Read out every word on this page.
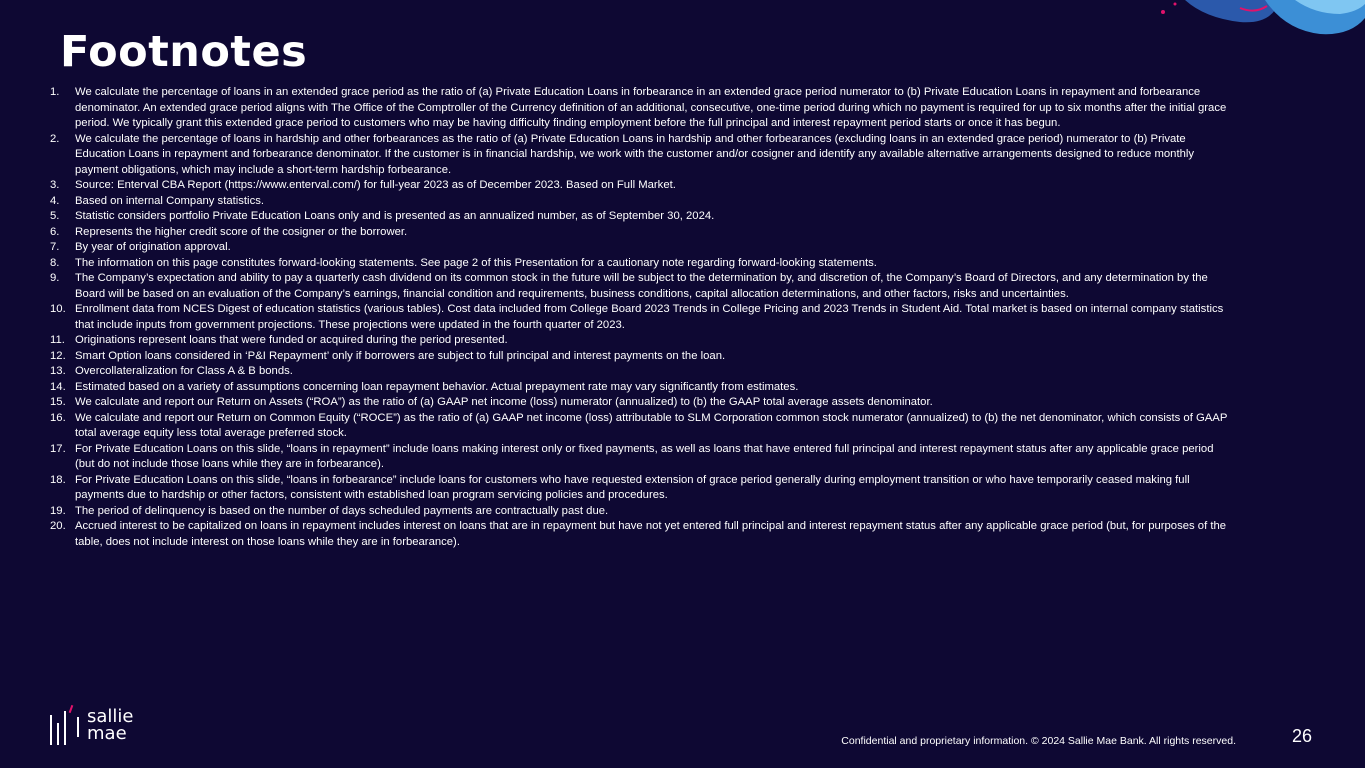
Footnotes
1.	We calculate the percentage of loans in an extended grace period as the ratio of (a) Private Education Loans in forbearance in an extended grace period numerator to (b) Private Education Loans in repayment and forbearance denominator. An extended grace period aligns with The Office of the Comptroller of the Currency definition of an additional, consecutive, one-time period during which no payment is required for up to six months after the initial grace period. We typically grant this extended grace period to customers who may be having difficulty finding employment before the full principal and interest repayment period starts or once it has begun.
2.	We calculate the percentage of loans in hardship and other forbearances as the ratio of (a) Private Education Loans in hardship and other forbearances (excluding loans in an extended grace period) numerator to (b) Private Education Loans in repayment and forbearance denominator. If the customer is in financial hardship, we work with the customer and/or cosigner and identify any available alternative arrangements designed to reduce monthly payment obligations, which may include a short-term hardship forbearance.
3.	Source: Enterval CBA Report (https://www.enterval.com/) for full-year 2023 as of December 2023. Based on Full Market.
4.	Based on internal Company statistics.
5.	Statistic considers portfolio Private Education Loans only and is presented as an annualized number, as of September 30, 2024.
6.	Represents the higher credit score of the cosigner or the borrower.
7.	By year of origination approval.
8.	The information on this page constitutes forward-looking statements. See page 2 of this Presentation for a cautionary note regarding forward-looking statements.
9.	The Company’s expectation and ability to pay a quarterly cash dividend on its common stock in the future will be subject to the determination by, and discretion of, the Company’s Board of Directors, and any determination by the Board will be based on an evaluation of the Company’s earnings, financial condition and requirements, business conditions, capital allocation determinations, and other factors, risks and uncertainties.
10. Enrollment data from NCES Digest of education statistics (various tables). Cost data included from College Board 2023 Trends in College Pricing and 2023 Trends in Student Aid. Total market is based on internal company statistics that include inputs from government projections. These projections were updated in the fourth quarter of 2023.
11. Originations represent loans that were funded or acquired during the period presented.
12. Smart Option loans considered in ‘P&I Repayment’ only if borrowers are subject to full principal and interest payments on the loan.
13. Overcollateralization for Class A & B bonds.
14. Estimated based on a variety of assumptions concerning loan repayment behavior. Actual prepayment rate may vary significantly from estimates.
15. We calculate and report our Return on Assets (“ROA”) as the ratio of (a) GAAP net income (loss) numerator (annualized) to (b) the GAAP total average assets denominator.
16. We calculate and report our Return on Common Equity (“ROCE”) as the ratio of (a) GAAP net income (loss) attributable to SLM Corporation common stock numerator (annualized) to (b) the net denominator, which consists of GAAP total average equity less total average preferred stock.
17. For Private Education Loans on this slide, “loans in repayment” include loans making interest only or fixed payments, as well as loans that have entered full principal and interest repayment status after any applicable grace period (but do not include those loans while they are in forbearance).
18. For Private Education Loans on this slide, “loans in forbearance” include loans for customers who have requested extension of grace period generally during employment transition or who have temporarily ceased making full payments due to hardship or other factors, consistent with established loan program servicing policies and procedures.
19. The period of delinquency is based on the number of days scheduled payments are contractually past due.
20. Accrued interest to be capitalized on loans in repayment includes interest on loans that are in repayment but have not yet entered full principal and interest repayment status after any applicable grace period (but, for purposes of the table, does not include interest on those loans while they are in forbearance).
sallie
mae	Confidential and proprietary information. © 2024 Sallie Mae Bank. All rights reserved.	26
